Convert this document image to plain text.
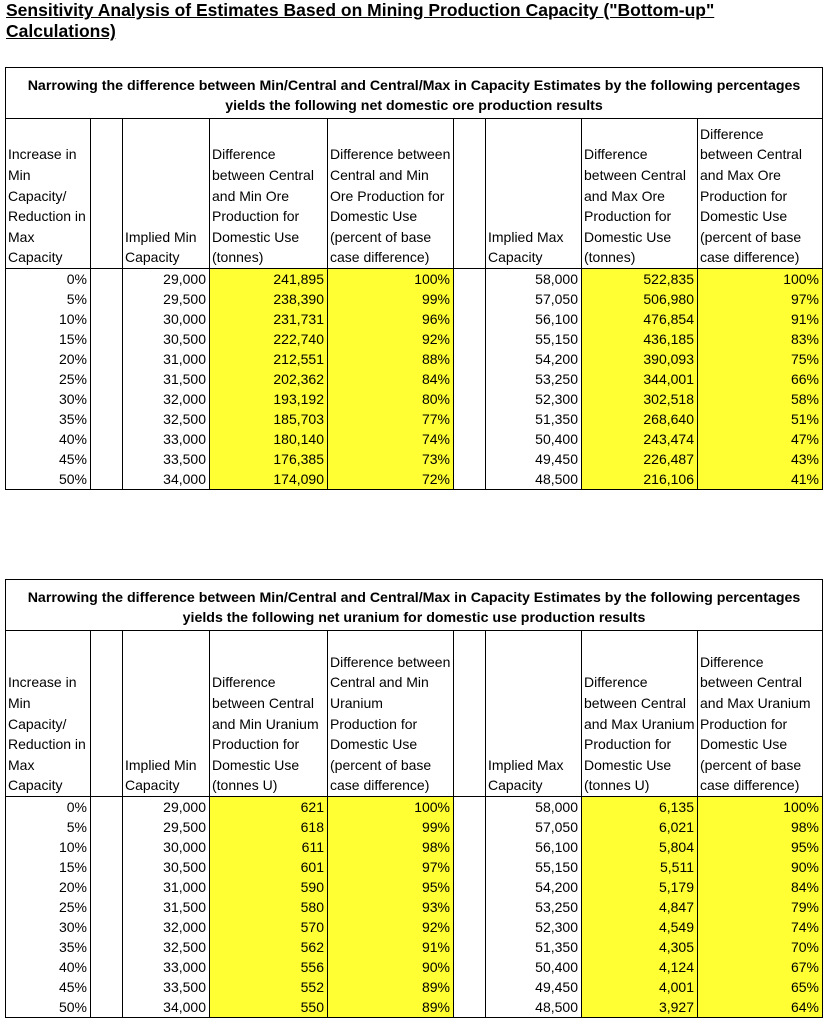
Sensitivity Analysis of Estimates Based on Mining Production Capacity ("Bottom-up" Calculations)
Narrowing the difference between Min/Central and Central/Max in Capacity Estimates by the following percentages yields the following net domestic ore production results								
Increase in Min Capacity/ Reduction in Max Capacity		Implied Min Capacity	Difference between Central and Min Ore Production for Domestic Use (tonnes)	Difference between Central and Min Ore Production for Domestic Use (percent of base case difference)		Implied Max Capacity	Difference between Central and Max Ore Production for Domestic Use (tonnes)	Difference between Central and Max Ore Production for Domestic Use (percent of base case difference)
0%		29,000	241,895	100%		58,000	522,835	100%
5%		29,500	238,390	99%		57,050	506,980	97%
10%		30,000	231,731	96%		56,100	476,854	91%
15%		30,500	222,740	92%		55,150	436,185	83%
20%		31,000	212,551	88%		54,200	390,093	75%
25%		31,500	202,362	84%		53,250	344,001	66%
30%		32,000	193,192	80%		52,300	302,518	58%
35%		32,500	185,703	77%		51,350	268,640	51%
40%		33,000	180,140	74%		50,400	243,474	47%
45%		33,500	176,385	73%		49,450	226,487	43%
50%		34,000	174,090	72%		48,500	216,106	41%
Narrowing the difference between Min/Central and Central/Max in Capacity Estimates by the following percentages yields the following net uranium for domestic use production results								
Increase in Min Capacity/ Reduction in Max Capacity		Implied Min Capacity	Difference between Central and Min Uranium Production for Domestic Use (tonnes U)	Difference between Central and Min Uranium Production for Domestic Use (percent of base case difference)		Implied Max Capacity	Difference between Central and Max Uranium Production for Domestic Use (tonnes U)	Difference between Central and Max Uranium Production for Domestic Use (percent of base case difference)
0%		29,000	621	100%		58,000	6,135	100%
5%		29,500	618	99%		57,050	6,021	98%
10%		30,000	611	98%		56,100	5,804	95%
15%		30,500	601	97%		55,150	5,511	90%
20%		31,000	590	95%		54,200	5,179	84%
25%		31,500	580	93%		53,250	4,847	79%
30%		32,000	570	92%		52,300	4,549	74%
35%		32,500	562	91%		51,350	4,305	70%
40%		33,000	556	90%		50,400	4,124	67%
45%		33,500	552	89%		49,450	4,001	65%
50%		34,000	550	89%		48,500	3,927	64%
